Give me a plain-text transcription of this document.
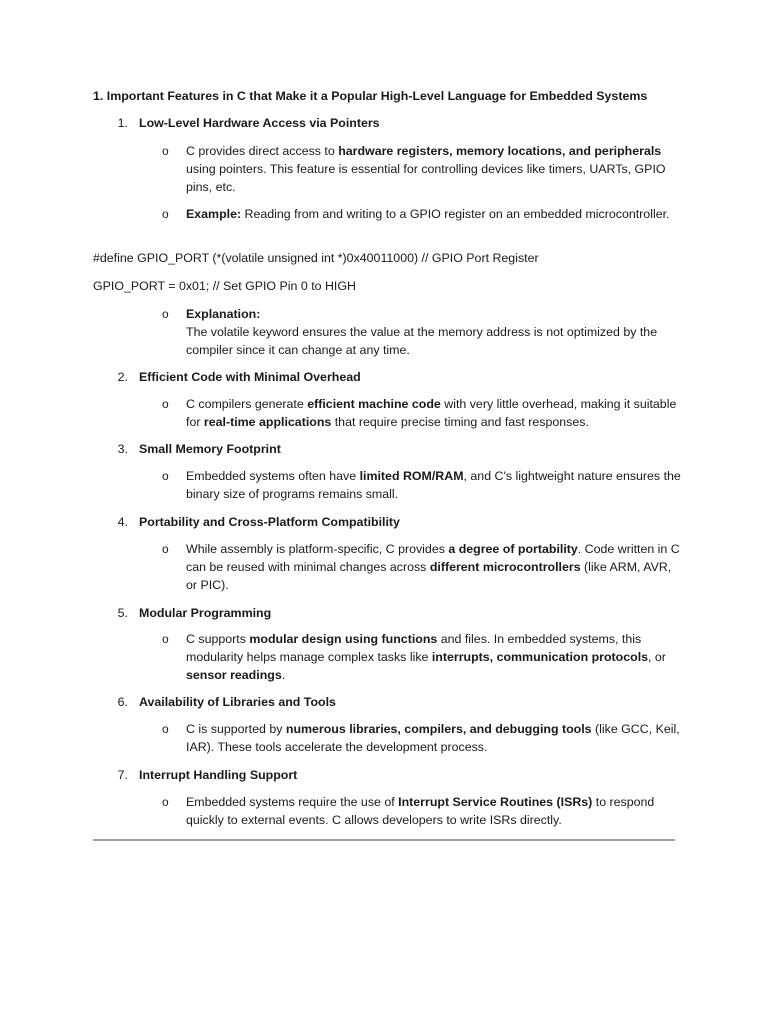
1. Important Features in C that Make it a Popular High-Level Language for Embedded Systems
1. Low-Level Hardware Access via Pointers
o C provides direct access to hardware registers, memory locations, and peripherals using pointers. This feature is essential for controlling devices like timers, UARTs, GPIO pins, etc.
o Example: Reading from and writing to a GPIO register on an embedded microcontroller.
#define GPIO_PORT (*(volatile unsigned int *)0x40011000) // GPIO Port Register
GPIO_PORT = 0x01; // Set GPIO Pin 0 to HIGH
o Explanation:
The volatile keyword ensures the value at the memory address is not optimized by the compiler since it can change at any time.
2. Efficient Code with Minimal Overhead
o C compilers generate efficient machine code with very little overhead, making it suitable for real-time applications that require precise timing and fast responses.
3. Small Memory Footprint
o Embedded systems often have limited ROM/RAM, and C's lightweight nature ensures the binary size of programs remains small.
4. Portability and Cross-Platform Compatibility
o While assembly is platform-specific, C provides a degree of portability. Code written in C can be reused with minimal changes across different microcontrollers (like ARM, AVR, or PIC).
5. Modular Programming
o C supports modular design using functions and files. In embedded systems, this modularity helps manage complex tasks like interrupts, communication protocols, or sensor readings.
6. Availability of Libraries and Tools
o C is supported by numerous libraries, compilers, and debugging tools (like GCC, Keil, IAR). These tools accelerate the development process.
7. Interrupt Handling Support
o Embedded systems require the use of Interrupt Service Routines (ISRs) to respond quickly to external events. C allows developers to write ISRs directly.
